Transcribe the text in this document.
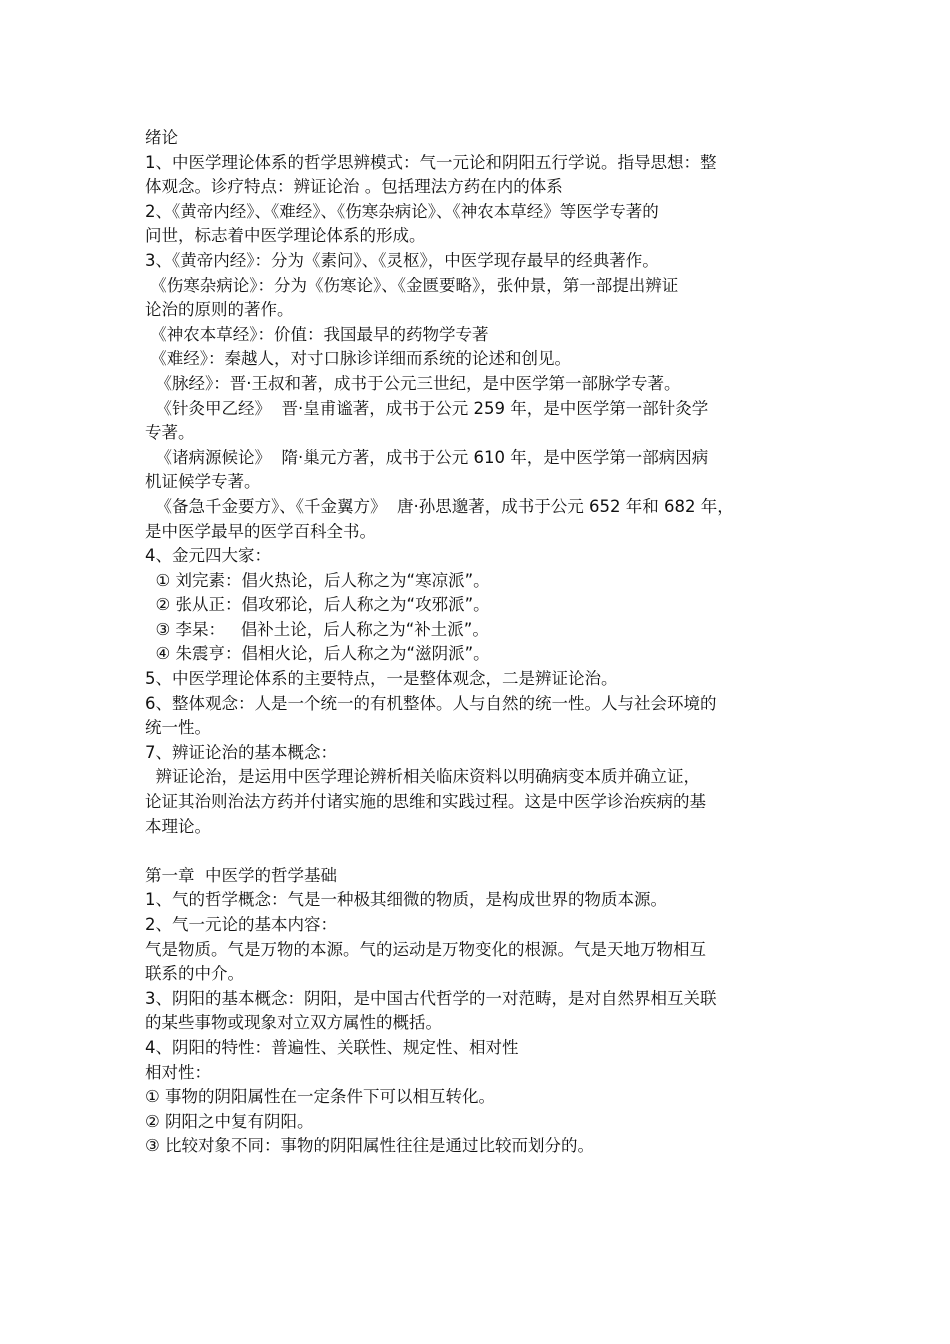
绪论
1、中医学理论体系的哲学思辨模式：气一元论和阴阳五行学说。指导思想：整
体观念。诊疗特点：辨证论治 。包括理法方药在内的体系
2、《黄帝内经》、《难经》、《伤寒杂病论》、《神农本草经》等医学专著的
问世，标志着中医学理论体系的形成。
3、《黄帝内经》：分为《素问》、《灵枢》，中医学现存最早的经典著作。
《伤寒杂病论》：分为《伤寒论》、《金匮要略》，张仲景，第一部提出辨证
论治的原则的著作。
《神农本草经》：价值：我国最早的药物学专著
《难经》：秦越人，对寸口脉诊详细而系统的论述和创见。
《脉经》：晋·王叔和著，成书于公元三世纪，是中医学第一部脉学专著。
《针灸甲乙经》  晋·皇甫谧著，成书于公元 259 年，是中医学第一部针灸学
专著。
《诸病源候论》  隋·巢元方著，成书于公元 610 年，是中医学第一部病因病
机证候学专著。
《备急千金要方》、《千金翼方》  唐·孙思邈著，成书于公元 652 年和 682 年，
是中医学最早的医学百科全书。
4、金元四大家：
① 刘完素：倡火热论，后人称之为“寒凉派”。
② 张从正：倡攻邪论，后人称之为“攻邪派”。
③ 李杲：   倡补土论，后人称之为“补土派”。
④ 朱震亨：倡相火论，后人称之为“滋阴派”。
5、中医学理论体系的主要特点，一是整体观念，二是辨证论治。
6、整体观念：人是一个统一的有机整体。人与自然的统一性。人与社会环境的
统一性。
7、辨证论治的基本概念：
辨证论治，是运用中医学理论辨析相关临床资料以明确病变本质并确立证，
论证其治则治法方药并付诸实施的思维和实践过程。这是中医学诊治疾病的基
本理论。
第一章  中医学的哲学基础
1、气的哲学概念：气是一种极其细微的物质，是构成世界的物质本源。
2、气一元论的基本内容：
气是物质。气是万物的本源。气的运动是万物变化的根源。气是天地万物相互
联系的中介。
3、阴阳的基本概念：阴阳，是中国古代哲学的一对范畴，是对自然界相互关联
的某些事物或现象对立双方属性的概括。
4、阴阳的特性：普遍性、关联性、规定性、相对性
相对性：
① 事物的阴阳属性在一定条件下可以相互转化。
② 阴阳之中复有阴阳。
③ 比较对象不同：事物的阴阳属性往往是通过比较而划分的。
